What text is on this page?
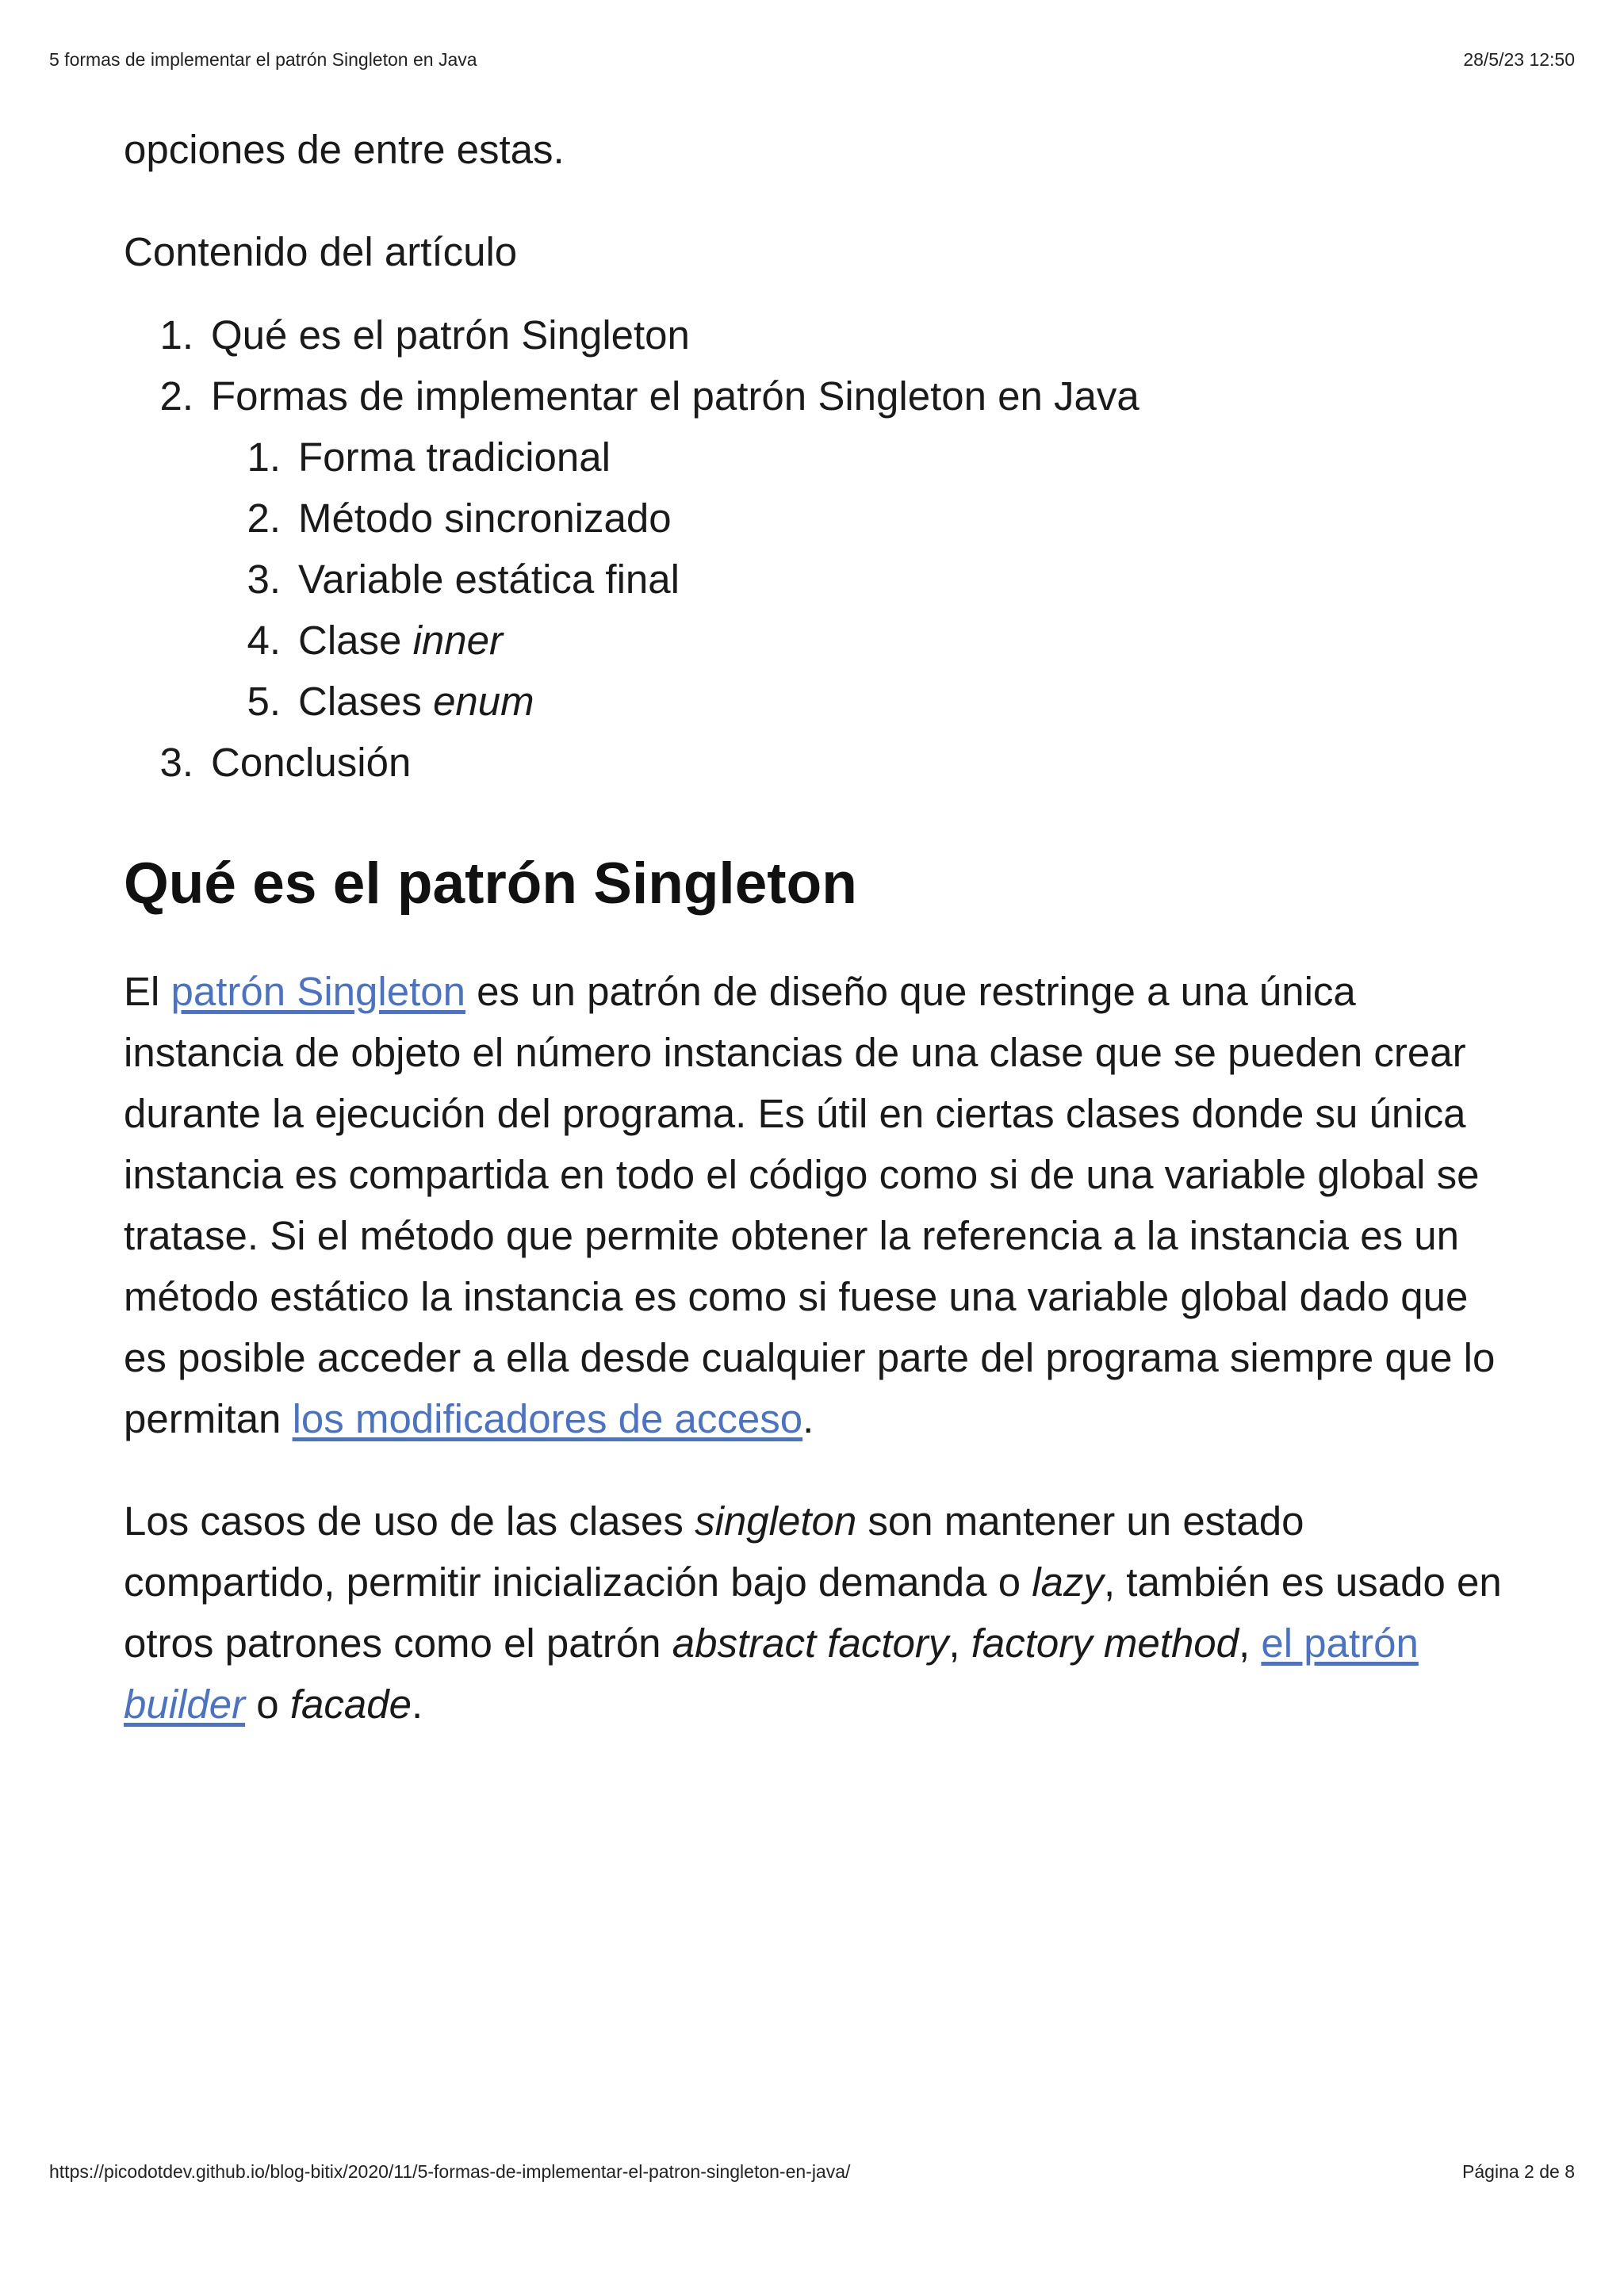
5 formas de implementar el patrón Singleton en Java	28/5/23 12:50
opciones de entre estas.
Contenido del artículo
1. Qué es el patrón Singleton
2. Formas de implementar el patrón Singleton en Java
1. Forma tradicional
2. Método sincronizado
3. Variable estática final
4. Clase inner
5. Clases enum
3. Conclusión
Qué es el patrón Singleton

El patrón Singleton es un patrón de diseño que restringe a una única instancia de objeto el número instancias de una clase que se pueden crear durante la ejecución del programa. Es útil en ciertas clases donde su única instancia es compartida en todo el código como si de una variable global se tratase. Si el método que permite obtener la referencia a la instancia es un método estático la instancia es como si fuese una variable global dado que es posible acceder a ella desde cualquier parte del programa siempre que lo permitan los modificadores de acceso.

Los casos de uso de las clases singleton son mantener un estado compartido, permitir inicialización bajo demanda o lazy, también es usado en otros patrones como el patrón abstract factory, factory method, el patrón builder o facade.

https://picodotdev.github.io/blog-bitix/2020/11/5-formas-de-implementar-el-patron-singleton-en-java/	Página 2 de 8
